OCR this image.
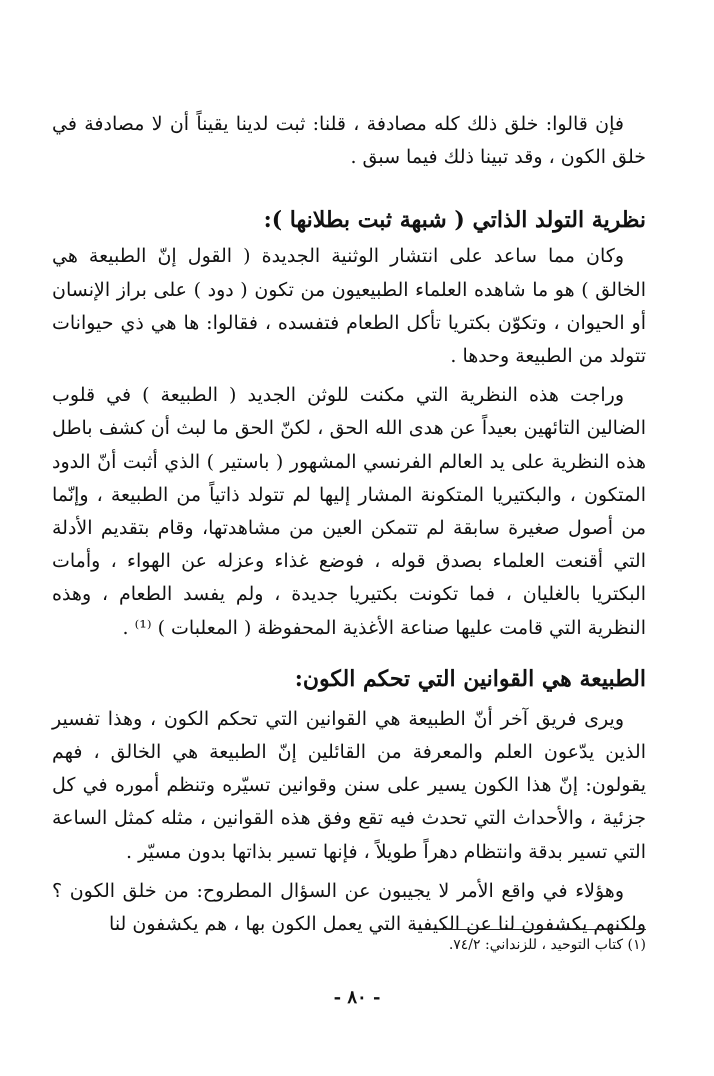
فإن قالوا: خلق ذلك كله مصادفة ، قلنا: ثبت لدينا يقيناً أن لا مصادفة في خلق الكون ، وقد تبينا ذلك فيما سبق .

نظرية التولد الذاتي ( شبهة ثبت بطلانها ):

وكان مما ساعد على انتشار الوثنية الجديدة ( القول إنّ الطبيعة هي الخالق ) هو ما شاهده العلماء الطبيعيون من تكون ( دود ) على براز الإنسان أو الحيوان ، وتكوّن بكتريا تأكل الطعام فتفسده ، فقالوا: ها هي ذي حيوانات تتولد من الطبيعة وحدها .

وراجت هذه النظرية التي مكنت للوثن الجديد ( الطبيعة ) في قلوب الضالين التائهين بعيداً عن هدى الله الحق ، لكنّ الحق ما لبث أن كشف باطل هذه النظرية على يد العالم الفرنسي المشهور ( باستير ) الذي أثبت أنّ الدود المتكون ، والبكتيريا المتكونة المشار إليها لم تتولد ذاتياً من الطبيعة ، وإنّما من أصول صغيرة سابقة لم تتمكن العين من مشاهدتها، وقام بتقديم الأدلة التي أقنعت العلماء بصدق قوله ، فوضع غذاء وعزله عن الهواء ، وأمات البكتريا بالغليان ، فما تكونت بكتيريا جديدة ، ولم يفسد الطعام ، وهذه النظرية التي قامت عليها صناعة الأغذية المحفوظة ( المعلبات ) ⁽¹⁾ .

الطبيعة هي القوانين التي تحكم الكون:

ويرى فريق آخر أنّ الطبيعة هي القوانين التي تحكم الكون ، وهذا تفسير الذين يدّعون العلم والمعرفة من القائلين إنّ الطبيعة هي الخالق ، فهم يقولون: إنّ هذا الكون يسير على سنن وقوانين تسيّره وتنظم أموره في كل جزئية ، والأحداث التي تحدث فيه تقع وفق هذه القوانين ، مثله كمثل الساعة التي تسير بدقة وانتظام دهراً طويلاً ، فإنها تسير بذاتها بدون مسيّر .

وهؤلاء في واقع الأمر لا يجيبون عن السؤال المطروح: من خلق الكون ؟ ولكنهم يكشفون لنا عن الكيفية التي يعمل الكون بها ، هم يكشفون لنا

(١) كتاب التوحيد ، للزنداني: ٧٤/٢.
- ٨٠ -
